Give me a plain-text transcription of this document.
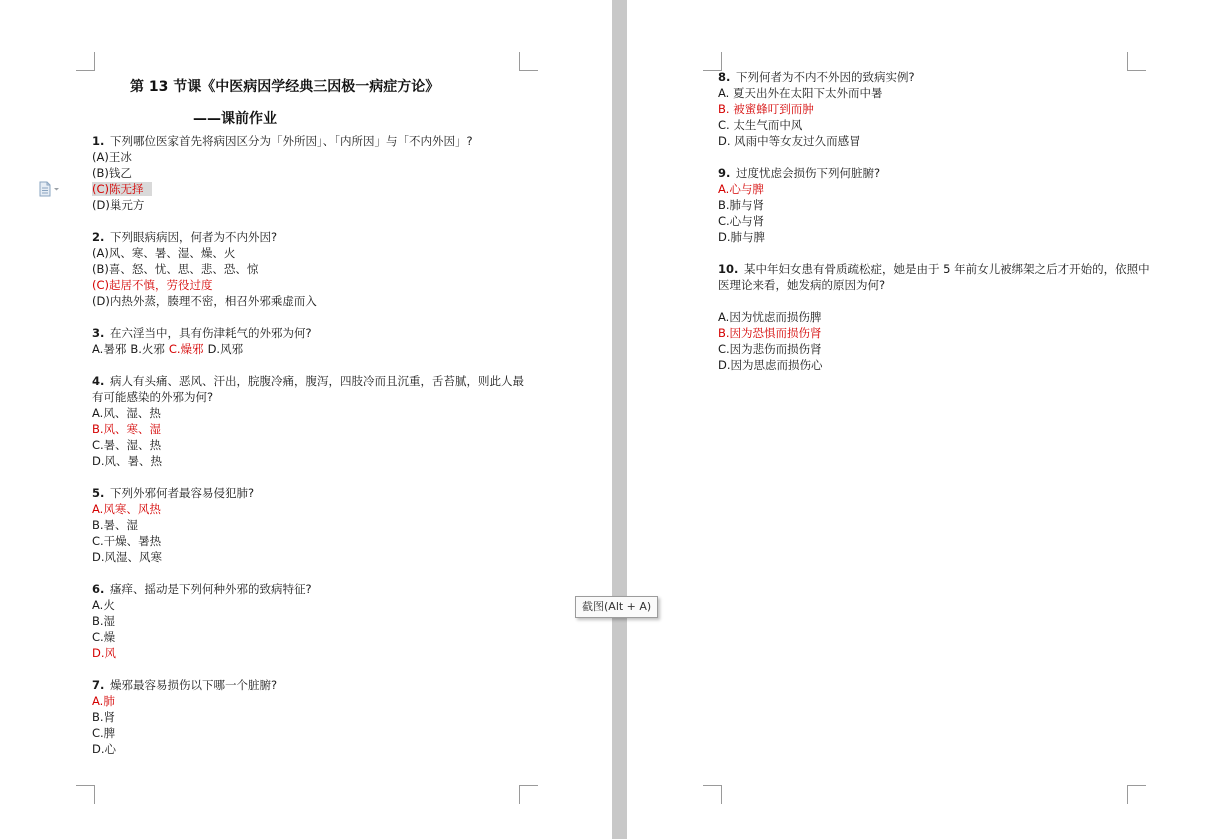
第 13 节课《中医病因学经典三因极一病症方论》
——课前作业

1. 下列哪位医家首先将病因区分为「外所因」、「内所因」与「不内外因」?

(A)王冰

(B)钱乙

(C)陈无择

(D)巢元方

2. 下列眼病病因，何者为不内外因?

(A)风、寒、暑、湿、燥、火

(B)喜、怒、忧、思、悲、恐、惊

(C)起居不慎，劳役过度

(D)内热外蒸，腠理不密，相召外邪乘虚而入

3. 在六淫当中，具有伤津耗气的外邪为何?

A.暑邪 B.火邪 C.燥邪 D.风邪

4. 病人有头痛、恶风、汗出，脘腹冷痛，腹泻，四肢冷而且沉重，舌苔腻，则此人最有可能感染的外邪为何?

A.风、湿、热

B.风、寒、湿

C.暑、湿、热

D.风、暑、热

5. 下列外邪何者最容易侵犯肺?

A.风寒、风热

B.暑、湿

C.干燥、暑热

D.风湿、风寒

6. 瘙痒、摇动是下列何种外邪的致病特征?

A.火

B.湿

C.燥

D.风

7. 燥邪最容易损伤以下哪一个脏腑?

A.肺

B.肾

C.脾

D.心

8. 下列何者为不内不外因的致病实例?

A. 夏天出外在太阳下太外而中暑

B. 被蜜蜂叮到而肿

C. 太生气而中风

D. 风雨中等女友过久而感冒

9. 过度忧虑会损伤下列何脏腑?

A.心与脾

B.肺与肾

C.心与肾

D.肺与脾

10. 某中年妇女患有骨质疏松症，她是由于 5 年前女儿被绑架之后才开始的，依照中医理论来看，她发病的原因为何?

A.因为忧虑而损伤脾

B.因为恐惧而损伤肾

C.因为悲伤而损伤肾

D.因为思虑而损伤心

截图(Alt + A)
